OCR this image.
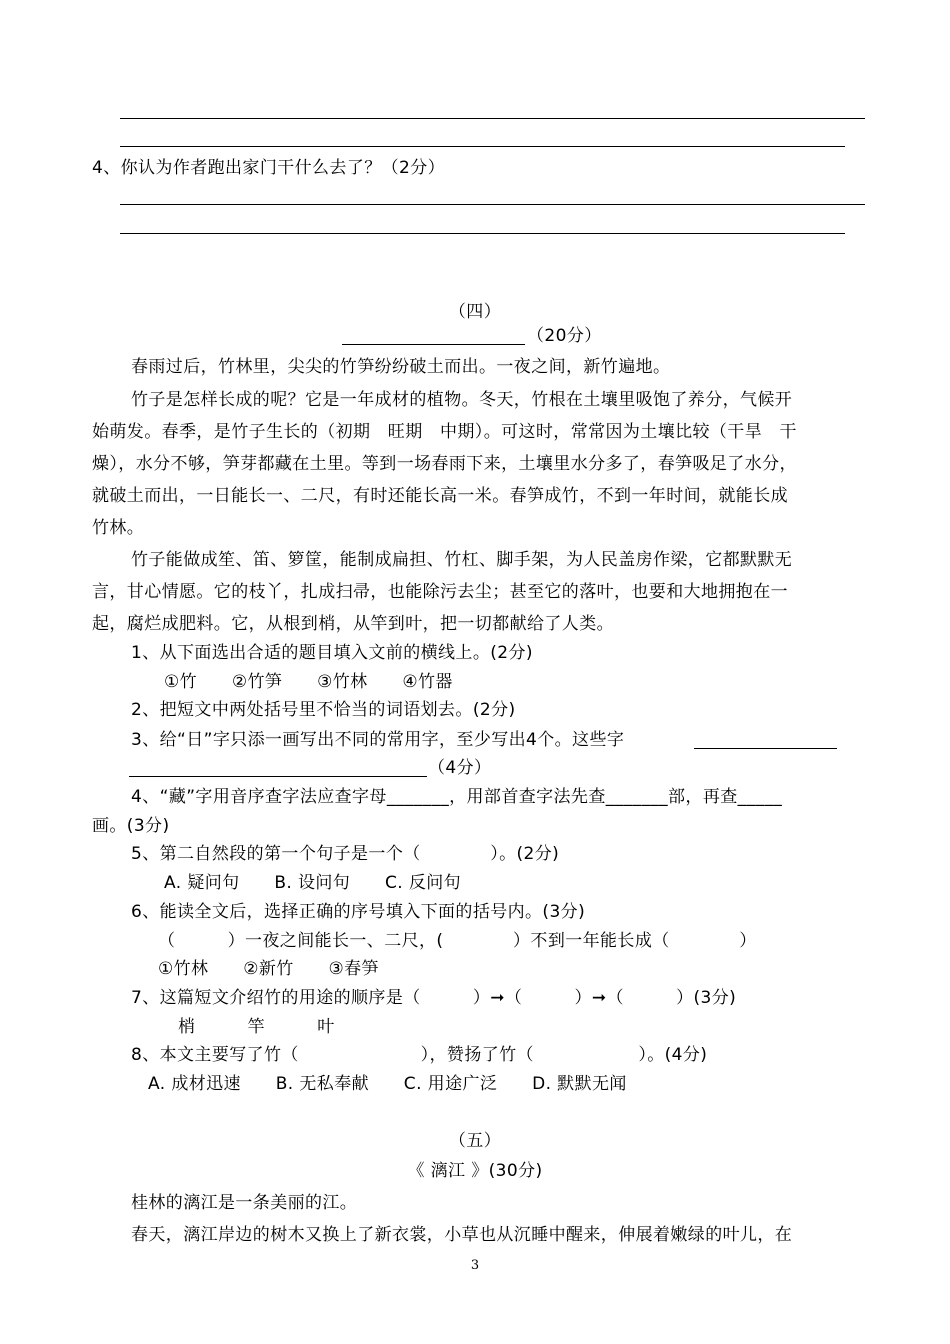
4、你认为作者跑出家门干什么去了？（2分）
（四）
（20分）
春雨过后，竹林里，尖尖的竹笋纷纷破土而出。一夜之间，新竹遍地。
竹子是怎样长成的呢？它是一年成材的植物。冬天，竹根在土壤里吸饱了养分，气候开
始萌发。春季，是竹子生长的（初期　旺期　中期）。可这时，常常因为土壤比较（干旱　干
燥），水分不够，笋芽都藏在土里。等到一场春雨下来，土壤里水分多了，春笋吸足了水分，
就破土而出，一日能长一、二尺，有时还能长高一米。春笋成竹，不到一年时间，就能长成
竹林。
竹子能做成笙、笛、箩筐，能制成扁担、竹杠、脚手架，为人民盖房作梁，它都默默无
言，甘心情愿。它的枝丫，扎成扫帚，也能除污去尘；甚至它的落叶，也要和大地拥抱在一
起，腐烂成肥料。它，从根到梢，从竿到叶，把一切都献给了人类。
1、从下面选出合适的题目填入文前的横线上。(2分)
①竹　　②竹笋　　③竹林　　④竹器
2、把短文中两处括号里不恰当的词语划去。(2分)
3、给“日”字只添一画写出不同的常用字，至少写出4个。这些字
（4分）
4、“藏”字用音序查字法应查字母_______，用部首查字法先查_______部，再查_____
画。(3分)
5、第二自然段的第一个句子是一个（　　　　）。(2分)
A. 疑问句　　B. 设问句　　C. 反问句
6、能读全文后，选择正确的序号填入下面的括号内。(3分)
（　　　）一夜之间能长一、二尺，(　　　　）不到一年能长成（　　　　）
①竹林　　②新竹　　③春笋
7、这篇短文介绍竹的用途的顺序是（　　　）➞（　　　）➞（　　　）(3分)
梢　　　竿　　　叶
8、本文主要写了竹（　　　　　　　），赞扬了竹（　　　　　　）。(4分)
A. 成材迅速　　B. 无私奉献　　C. 用途广泛　　D. 默默无闻
（五）
《 漓江 》(30分)
桂林的漓江是一条美丽的江。
春天，漓江岸边的树木又换上了新衣裳，小草也从沉睡中醒来，伸展着嫩绿的叶儿，在
3
